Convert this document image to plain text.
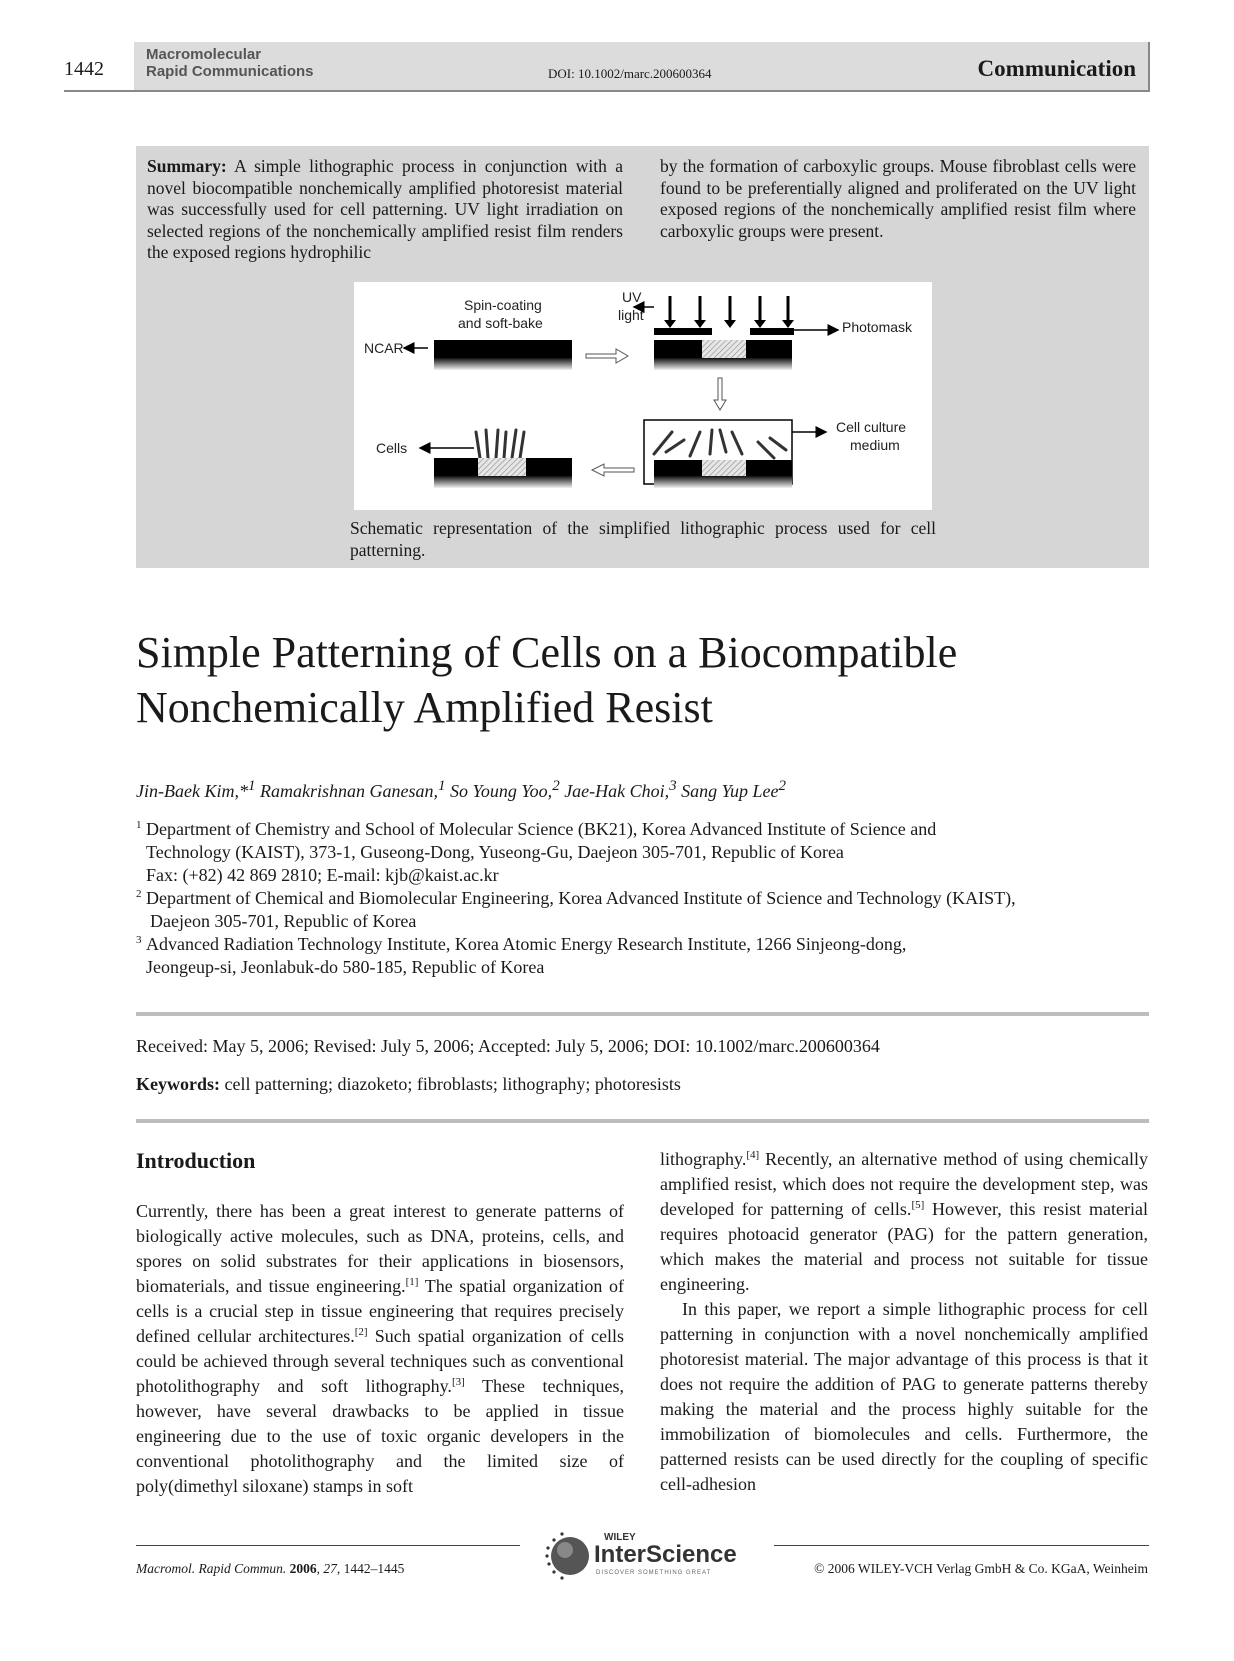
1442
Macromolecular
Rapid Communications	DOI: 10.1002/marc.200600364	Communication
Summary: A simple lithographic process in conjunction with a novel biocompatible nonchemically amplified photoresist material was successfully used for cell patterning. UV light irradiation on selected regions of the nonchemically amplified resist film renders the exposed regions hydrophilic
by the formation of carboxylic groups. Mouse fibroblast cells were found to be preferentially aligned and proliferated on the UV light exposed regions of the nonchemically amplified resist film where carboxylic groups were present.
Spin-coating
and soft-bake
UV
light
Photomask
NCAR
Cells
Cell culture
medium
Schematic representation of the simplified lithographic process used for cell patterning.
Simple Patterning of Cells on a Biocompatible
Nonchemically Amplified Resist
Jin-Baek Kim,*$^1$ Ramakrishnan Ganesan,$^1$ So Young Yoo,$^2$ Jae-Hak Choi,$^3$ Sang Yup Lee$^2$
1 Department of Chemistry and School of Molecular Science (BK21), Korea Advanced Institute of Science and
Technology (KAIST), 373-1, Guseong-Dong, Yuseong-Gu, Daejeon 305-701, Republic of Korea
Fax: (+82) 42 869 2810; E-mail: kjb@kaist.ac.kr
2 Department of Chemical and Biomolecular Engineering, Korea Advanced Institute of Science and Technology (KAIST),
Daejeon 305-701, Republic of Korea
3 Advanced Radiation Technology Institute, Korea Atomic Energy Research Institute, 1266 Sinjeong-dong,
Jeongeup-si, Jeonlabuk-do 580-185, Republic of Korea
Received: May 5, 2006; Revised: July 5, 2006; Accepted: July 5, 2006; DOI: 10.1002/marc.200600364
Keywords: cell patterning; diazoketo; fibroblasts; lithography; photoresists
Introduction
Currently, there has been a great interest to generate patterns of biologically active molecules, such as DNA, proteins, cells, and spores on solid substrates for their applications in biosensors, biomaterials, and tissue engineering.[1] The spatial organization of cells is a crucial step in tissue engineering that requires precisely defined cellular architectures.[2] Such spatial organization of cells could be achieved through several techniques such as conventional photolithography and soft lithography.[3] These techniques, however, have several drawbacks to be applied in tissue engineering due to the use of toxic organic developers in the conventional photolithography and the limited size of poly(dimethyl siloxane) stamps in soft
lithography.[4] Recently, an alternative method of using chemically amplified resist, which does not require the development step, was developed for patterning of cells.[5] However, this resist material requires photoacid generator (PAG) for the pattern generation, which makes the material and process not suitable for tissue engineering.
In this paper, we report a simple lithographic process for cell patterning in conjunction with a novel nonchemically amplified photoresist material. The major advantage of this process is that it does not require the addition of PAG to generate patterns thereby making the material and the process highly suitable for the immobilization of biomolecules and cells. Furthermore, the patterned resists can be used directly for the coupling of specific cell-adhesion
Macromol. Rapid Commun. 2006, 27, 1442–1445
WILEY
InterScience
DISCOVER SOMETHING GREAT	© 2006 WILEY-VCH Verlag GmbH & Co. KGaA, Weinheim
